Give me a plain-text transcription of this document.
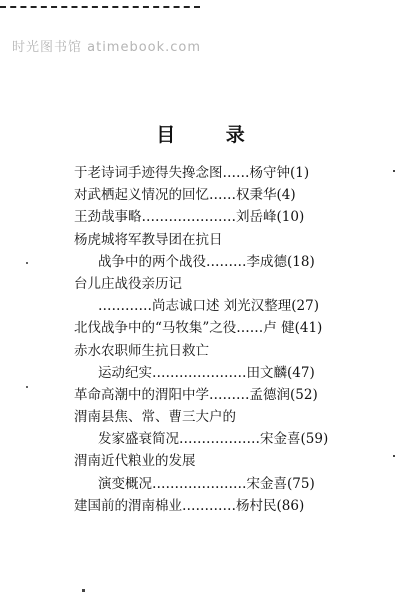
时光图书馆 atimebook.com
目 录
于老诗词手迹得失搀念图……杨守钟(1)
对武栖起义情况的回忆……权秉华(4)
王劲哉事略…………………刘岳峰(10)
杨虎城将军教导团在抗日
战争中的两个战役………李成德(18)
台儿庄战役亲历记
…………尚志诚口述 刘光汉整理(27)
北伐战争中的“马牧集”之役……卢 健(41)
赤水农职师生抗日救亡
运动纪实…………………田文麟(47)
革命高潮中的渭阳中学………孟德润(52)
渭南县焦、常、曹三大户的
发家盛衰简况………………宋金喜(59)
渭南近代粮业的发展
演变概况…………………宋金喜(75)
建国前的渭南棉业…………杨村民(86)
